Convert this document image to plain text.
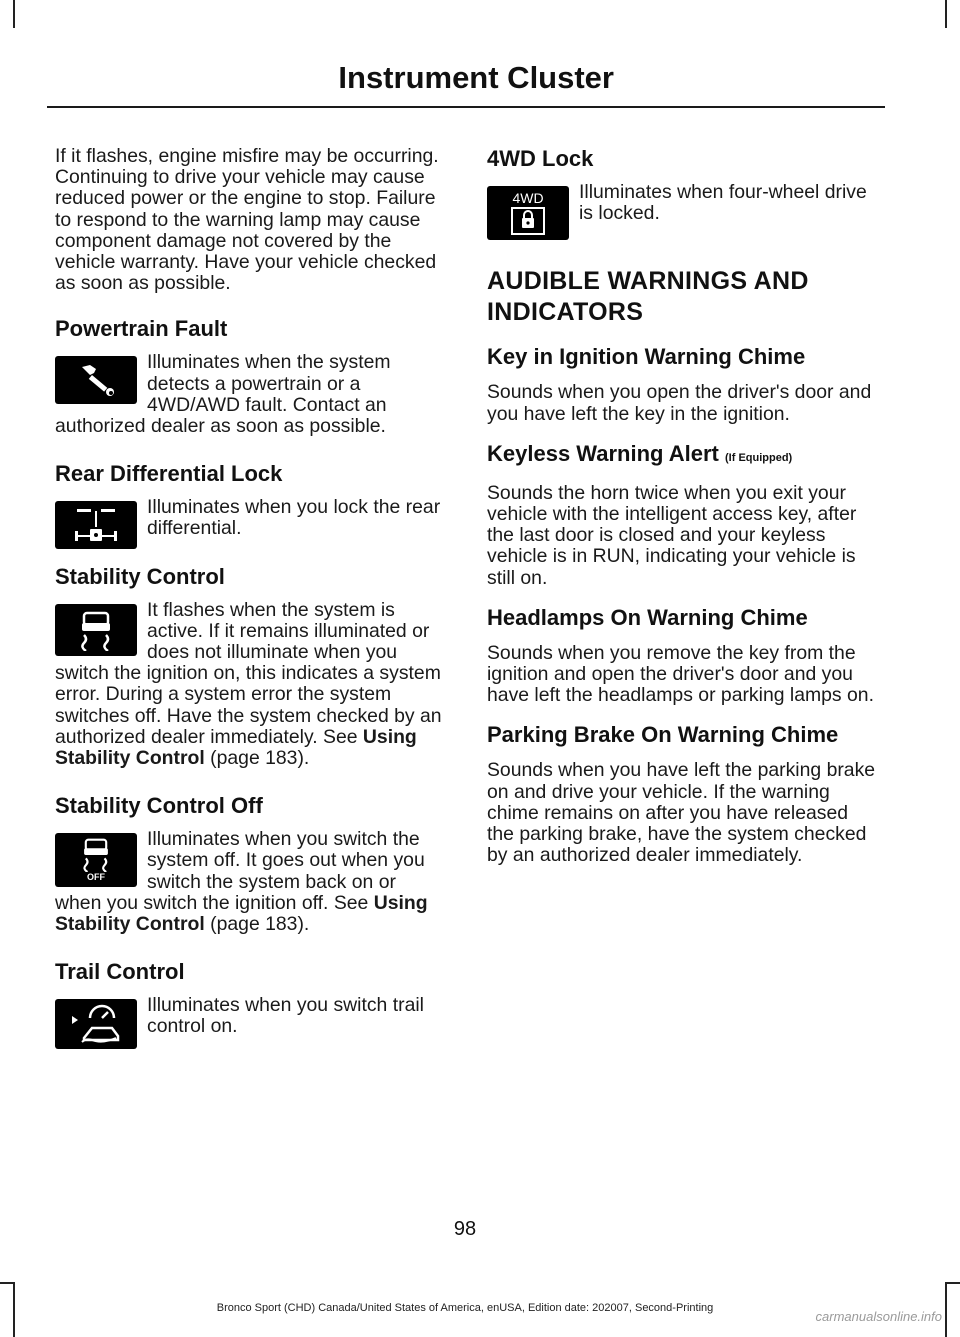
Instrument Cluster

If it flashes, engine misfire may be occurring. Continuing to drive your vehicle may cause reduced power or the engine to stop. Failure to respond to the warning lamp may cause component damage not covered by the vehicle warranty. Have your vehicle checked as soon as possible.

Powertrain Fault

Illuminates when the system detects a powertrain or a 4WD/AWD fault. Contact an authorized dealer as soon as possible.

Rear Differential Lock

Illuminates when you lock the rear differential.

Stability Control

It flashes when the system is active. If it remains illuminated or does not illuminate when you switch the ignition on, this indicates a system error. During a system error the system switches off. Have the system checked by an authorized dealer immediately. See Using Stability Control (page 183).

Stability Control Off
OFF

Illuminates when you switch the system off. It goes out when you switch the system back on or when you switch the ignition off. See Using Stability Control (page 183).

Trail Control

Illuminates when you switch trail control on.

4WD Lock
4WD	Illuminates when four-wheel drive is locked.

AUDIBLE WARNINGS AND INDICATORS
Key in Ignition Warning Chime

Sounds when you open the driver's door and you have left the key in the ignition.

Keyless Warning Alert (If Equipped)

Sounds the horn twice when you exit your vehicle with the intelligent access key, after the last door is closed and your keyless vehicle is in RUN, indicating your vehicle is still on.

Headlamps On Warning Chime

Sounds when you remove the key from the ignition and open the driver's door and you have left the headlamps or parking lamps on.

Parking Brake On Warning Chime

Sounds when you have left the parking brake on and drive your vehicle. If the warning chime remains on after you have released the parking brake, have the system checked by an authorized dealer immediately.

98
Bronco Sport (CHD) Canada/United States of America, enUSA, Edition date: 202007, Second-Printing
carmanualsonline.info
